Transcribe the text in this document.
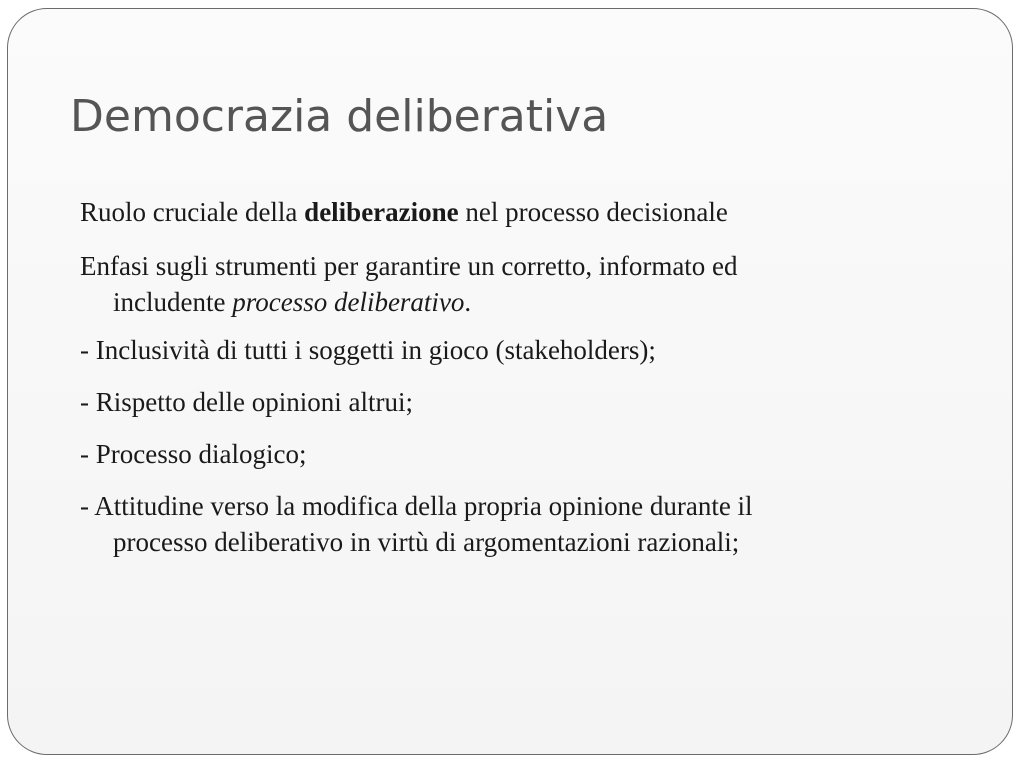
Democrazia deliberativa

Ruolo cruciale della deliberazione nel processo decisionale

Enfasi sugli strumenti per garantire un corretto, informato ed
includente processo deliberativo.

- Inclusività di tutti i soggetti in gioco (stakeholders);

- Rispetto delle opinioni altrui;

- Processo dialogico;

- Attitudine verso la modifica della propria opinione durante il
processo deliberativo in virtù di argomentazioni razionali;
